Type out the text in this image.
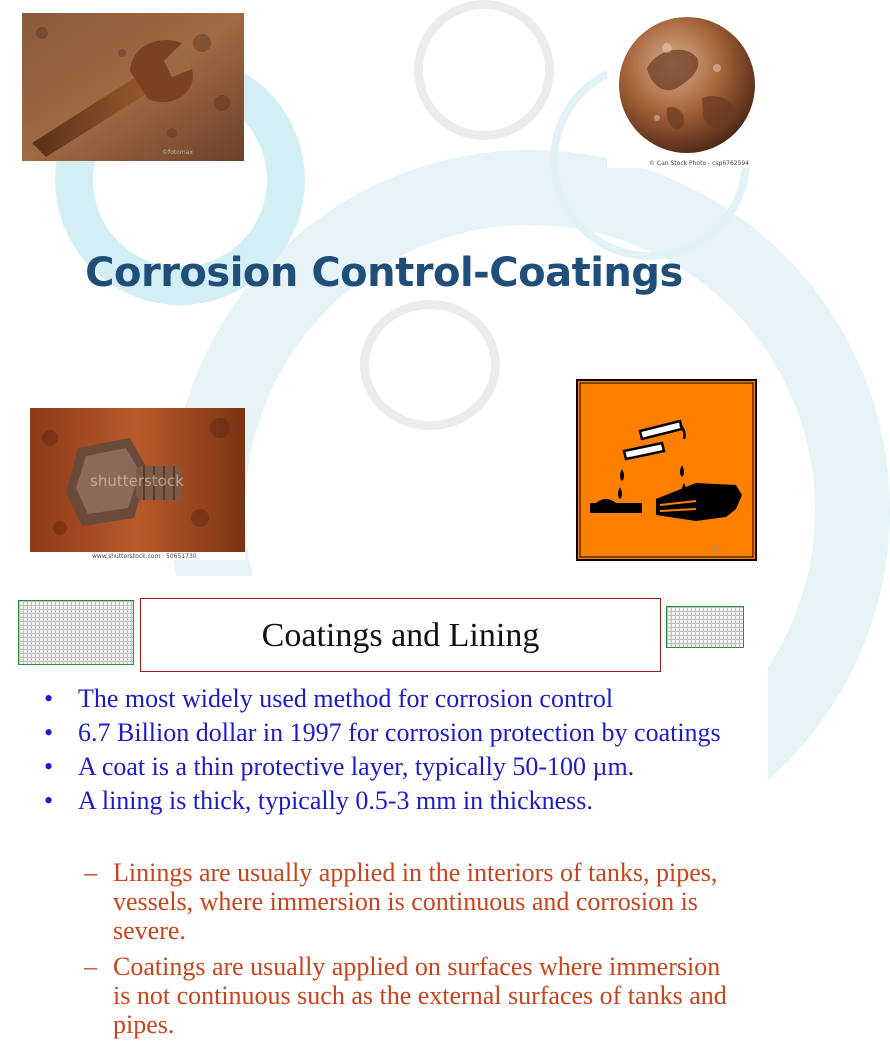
©fotomax
© Can Stock Photo - csp6762594
Corrosion Control-Coatings
shutterstock
www.shutterstock.com · 50651730
1
Coatings and Lining
• The most widely used method for corrosion control
• 6.7 Billion dollar in 1997 for corrosion protection by coatings
• A coat is a thin protective layer, typically 50-100 µm.
• A lining is thick, typically 0.5-3 mm in thickness.
– Linings are usually applied in the interiors of tanks, pipes, vessels, where immersion is continuous and corrosion is severe.
– Coatings are usually applied on surfaces where immersion is not continuous such as the external surfaces of tanks and pipes.
